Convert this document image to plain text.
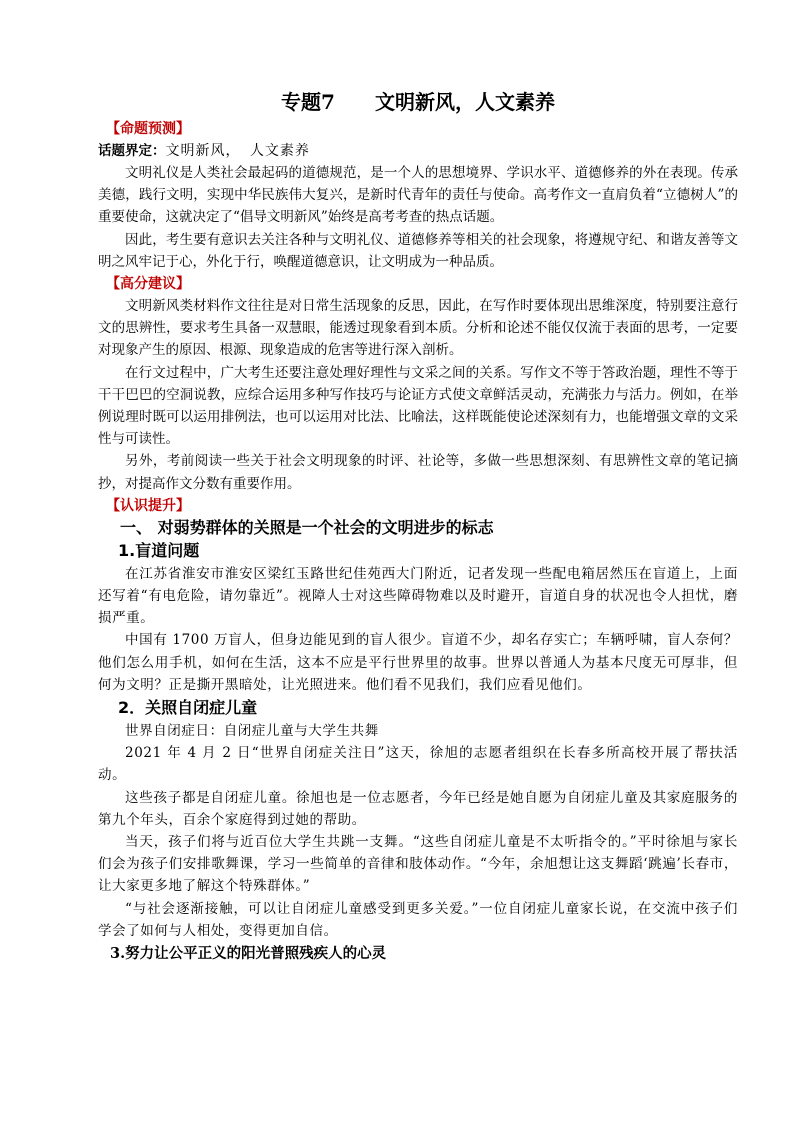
专题7 文明新风，人文素养
【命题预测】
话题界定：文明新风， 人文素养

文明礼仪是人类社会最起码的道德规范，是一个人的思想境界、学识水平、道德修养的外在表现。传承美德，践行文明，实现中华民族伟大复兴，是新时代青年的责任与使命。高考作文一直肩负着“立德树人”的重要使命，这就决定了“倡导文明新风”始终是高考考查的热点话题。

因此，考生要有意识去关注各种与文明礼仪、道德修养等相关的社会现象，将遵规守纪、和谐友善等文明之风牢记于心，外化于行，唤醒道德意识，让文明成为一种品质。

【高分建议】

文明新风类材料作文往往是对日常生活现象的反思，因此，在写作时要体现出思维深度，特别要注意行文的思辨性，要求考生具备一双慧眼，能透过现象看到本质。分析和论述不能仅仅流于表面的思考，一定要对现象产生的原因、根源、现象造成的危害等进行深入剖析。

在行文过程中，广大考生还要注意处理好理性与文采之间的关系。写作文不等于答政治题，理性不等于干干巴巴的空洞说教，应综合运用多种写作技巧与论证方式使文章鲜活灵动，充满张力与活力。例如，在举例说理时既可以运用排例法，也可以运用对比法、比喻法，这样既能使论述深刻有力，也能增强文章的文采性与可读性。

另外，考前阅读一些关于社会文明现象的时评、社论等，多做一些思想深刻、有思辨性文章的笔记摘抄，对提高作文分数有重要作用。

【认识提升】
一、 对弱势群体的关照是一个社会的文明进步的标志
1.盲道问题

在江苏省淮安市淮安区梁红玉路世纪佳苑西大门附近，记者发现一些配电箱居然压在盲道上，上面还写着“有电危险，请勿靠近”。视障人士对这些障碍物难以及时避开，盲道自身的状况也令人担忧，磨损严重。

中国有 1700 万盲人，但身边能见到的盲人很少。盲道不少，却名存实亡；车辆呼啸，盲人奈何？他们怎么用手机，如何在生活，这本不应是平行世界里的故事。世界以普通人为基本尺度无可厚非，但何为文明？正是撕开黑暗处，让光照进来。他们看不见我们，我们应看见他们。

2．关照自闭症儿童

世界自闭症日：自闭症儿童与大学生共舞

2021 年 4 月 2 日“世界自闭症关注日”这天，徐旭的志愿者组织在长春多所高校开展了帮扶活动。

这些孩子都是自闭症儿童。徐旭也是一位志愿者，今年已经是她自愿为自闭症儿童及其家庭服务的第九个年头，百余个家庭得到过她的帮助。

当天，孩子们将与近百位大学生共跳一支舞。“这些自闭症儿童是不太听指令的。”平时徐旭与家长们会为孩子们安排歌舞课，学习一些简单的音律和肢体动作。“今年，余旭想让这支舞蹈‘跳遍’长春市，让大家更多地了解这个特殊群体。”

“与社会逐渐接触，可以让自闭症儿童感受到更多关爱。”一位自闭症儿童家长说，在交流中孩子们学会了如何与人相处，变得更加自信。

3.努力让公平正义的阳光普照残疾人的心灵
